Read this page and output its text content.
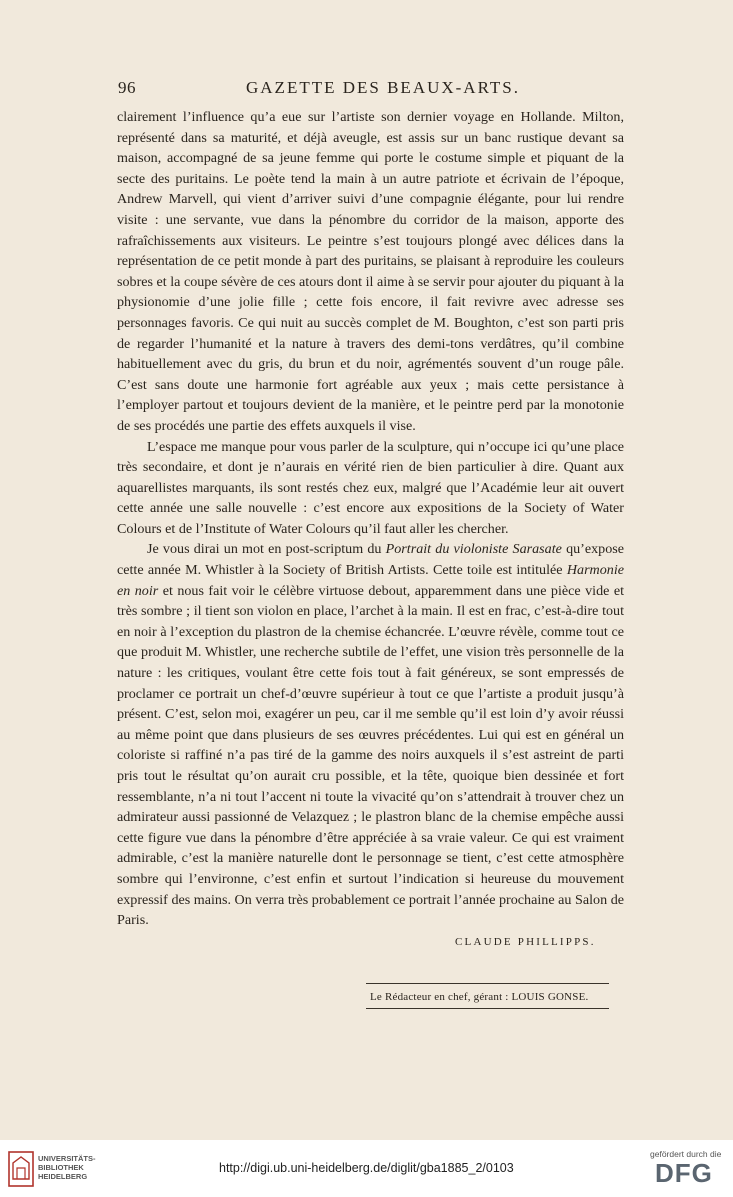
96	GAZETTE DES BEAUX-ARTS.

clairement l’influence qu’a eue sur l’artiste son dernier voyage en Hollande. Milton, représenté dans sa maturité, et déjà aveugle, est assis sur un banc rustique devant sa maison, accompagné de sa jeune femme qui porte le costume simple et piquant de la secte des puritains. Le poète tend la main à un autre patriote et écrivain de l’époque, Andrew Marvell, qui vient d’arriver suivi d’une compagnie élégante, pour lui rendre visite : une servante, vue dans la pénombre du corridor de la maison, apporte des rafraîchissements aux visiteurs. Le peintre s’est toujours plongé avec délices dans la représentation de ce petit monde à part des puritains, se plaisant à reproduire les couleurs sobres et la coupe sévère de ces atours dont il aime à se servir pour ajouter du piquant à la physionomie d’une jolie fille ; cette fois encore, il fait revivre avec adresse ses personnages favoris. Ce qui nuit au succès complet de M. Boughton, c’est son parti pris de regarder l’humanité et la nature à travers des demi-tons verdâtres, qu’il combine habituellement avec du gris, du brun et du noir, agrémentés souvent d’un rouge pâle. C’est sans doute une harmonie fort agréable aux yeux ; mais cette persistance à l’employer partout et toujours devient de la manière, et le peintre perd par la monotonie de ses procédés une partie des effets auxquels il vise.

L’espace me manque pour vous parler de la sculpture, qui n’occupe ici qu’une place très secondaire, et dont je n’aurais en vérité rien de bien particulier à dire. Quant aux aquarellistes marquants, ils sont restés chez eux, malgré que l’Académie leur ait ouvert cette année une salle nouvelle : c’est encore aux expositions de la Society of Water Colours et de l’Institute of Water Colours qu’il faut aller les chercher.

Je vous dirai un mot en post-scriptum du Portrait du violoniste Sarasate qu’expose cette année M. Whistler à la Society of British Artists. Cette toile est intitulée Harmonie en noir et nous fait voir le célèbre virtuose debout, apparemment dans une pièce vide et très sombre ; il tient son violon en place, l’archet à la main. Il est en frac, c’est-à-dire tout en noir à l’exception du plastron de la chemise échancrée. L’œuvre révèle, comme tout ce que produit M. Whistler, une recherche subtile de l’effet, une vision très personnelle de la nature : les critiques, voulant être cette fois tout à fait généreux, se sont empressés de proclamer ce portrait un chef-d’œuvre supérieur à tout ce que l’artiste a produit jusqu’à présent. C’est, selon moi, exagérer un peu, car il me semble qu’il est loin d’y avoir réussi au même point que dans plusieurs de ses œuvres précédentes. Lui qui est en général un coloriste si raffiné n’a pas tiré de la gamme des noirs auxquels il s’est astreint de parti pris tout le résultat qu’on aurait cru possible, et la tête, quoique bien dessinée et fort ressemblante, n’a ni tout l’accent ni toute la vivacité qu’on s’attendrait à trouver chez un admirateur aussi passionné de Velazquez ; le plastron blanc de la chemise empêche aussi cette figure vue dans la pénombre d’être appréciée à sa vraie valeur. Ce qui est vraiment admirable, c’est la manière naturelle dont le personnage se tient, c’est cette atmosphère sombre qui l’environne, c’est enfin et surtout l’indication si heureuse du mouvement expressif des mains. On verra très probablement ce portrait l’année prochaine au Salon de Paris.

CLAUDE PHILLIPPS.
Le Rédacteur en chef, gérant : LOUIS GONSE.
UNIVERSITÄTS-
BIBLIOTHEK
HEIDELBERG
http://digi.ub.uni-heidelberg.de/diglit/gba1885_2/0103
gefördert durch die
DFG
